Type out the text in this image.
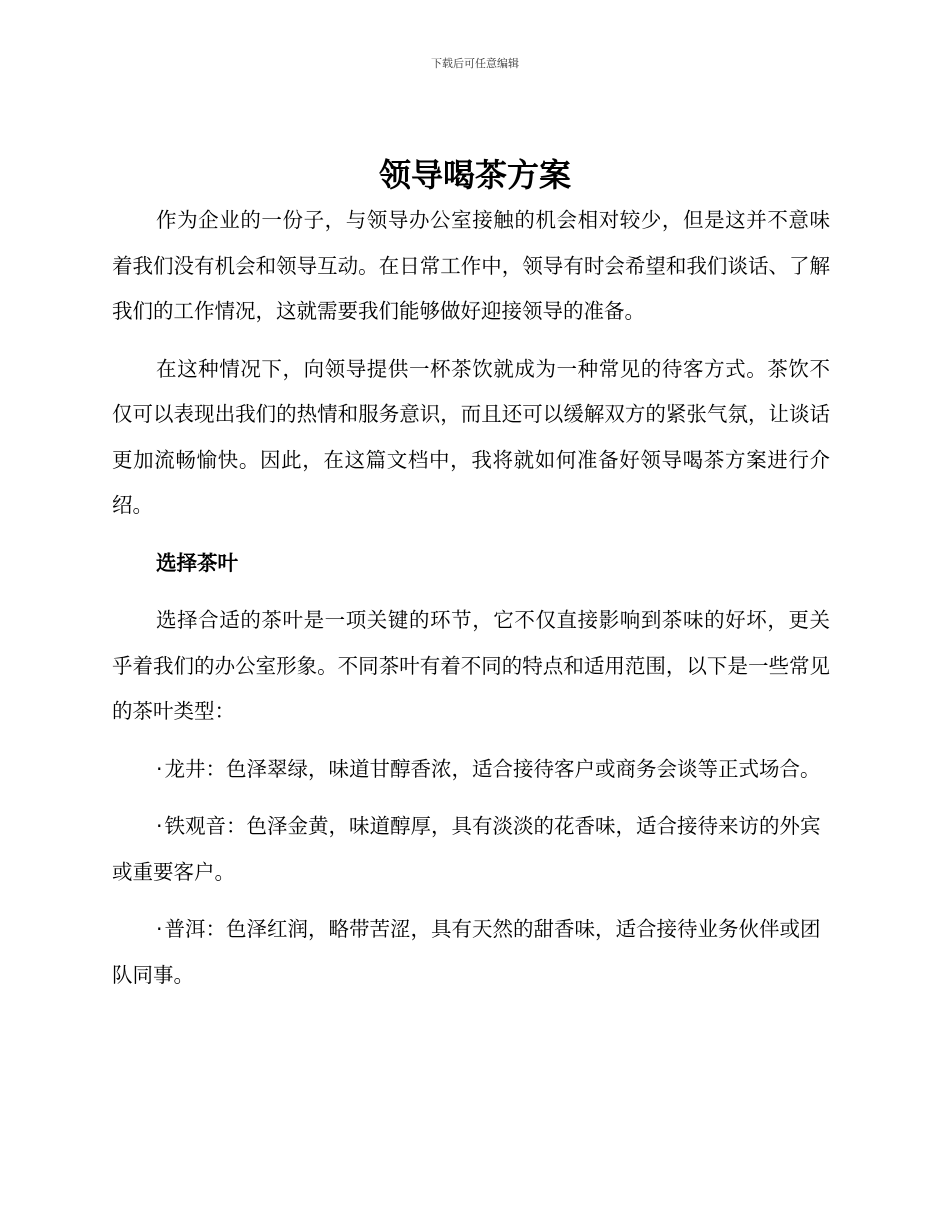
下载后可任意编辑
领导喝茶方案

作为企业的一份子，与领导办公室接触的机会相对较少，但是这并不意味着我们没有机会和领导互动。在日常工作中，领导有时会希望和我们谈话、了解我们的工作情况，这就需要我们能够做好迎接领导的准备。

在这种情况下，向领导提供一杯茶饮就成为一种常见的待客方式。茶饮不仅可以表现出我们的热情和服务意识，而且还可以缓解双方的紧张气氛，让谈话更加流畅愉快。因此，在这篇文档中，我将就如何准备好领导喝茶方案进行介绍。

选择茶叶

选择合适的茶叶是一项关键的环节，它不仅直接影响到茶味的好坏，更关乎着我们的办公室形象。不同茶叶有着不同的特点和适用范围，以下是一些常见的茶叶类型：

·龙井：色泽翠绿，味道甘醇香浓，适合接待客户或商务会谈等正式场合。

·铁观音：色泽金黄，味道醇厚，具有淡淡的花香味，适合接待来访的外宾或重要客户。

·普洱：色泽红润，略带苦涩，具有天然的甜香味，适合接待业务伙伴或团队同事。
